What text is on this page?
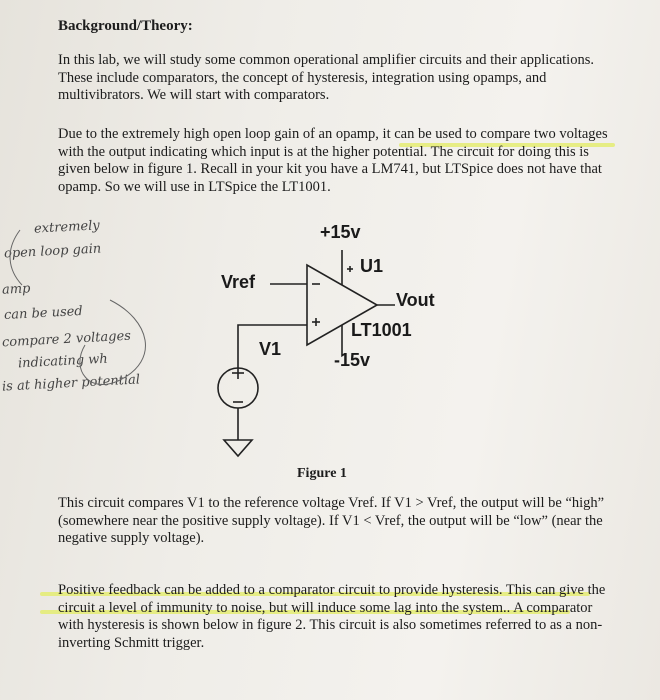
Background/Theory:
In this lab, we will study some common operational amplifier circuits and their applications. These include comparators, the concept of hysteresis, integration using opamps, and multivibrators. We will start with comparators.
Due to the extremely high open loop gain of an opamp, it can be used to compare two voltages with the output indicating which input is at the higher potential. The circuit for doing this is given below in figure 1. Recall in your kit you have a LM741, but LTSpice does not have that opamp. So we will use in LTSpice the LT1001.
+15v
U1
Vref
Vout
LT1001
V1
-15v
extremely
open loop gain
amp
can be used
compare 2 voltages
indicating wh
is at higher potential
Figure 1
This circuit compares V1 to the reference voltage Vref. If V1 > Vref, the output will be “high” (somewhere near the positive supply voltage). If V1 < Vref, the output will be “low” (near the negative supply voltage).
Positive feedback can be added to a comparator circuit to provide hysteresis. This can give the circuit a level of immunity to noise, but will induce some lag into the system.. A comparator with hysteresis is shown below in figure 2. This circuit is also sometimes referred to as a non-inverting Schmitt trigger.
